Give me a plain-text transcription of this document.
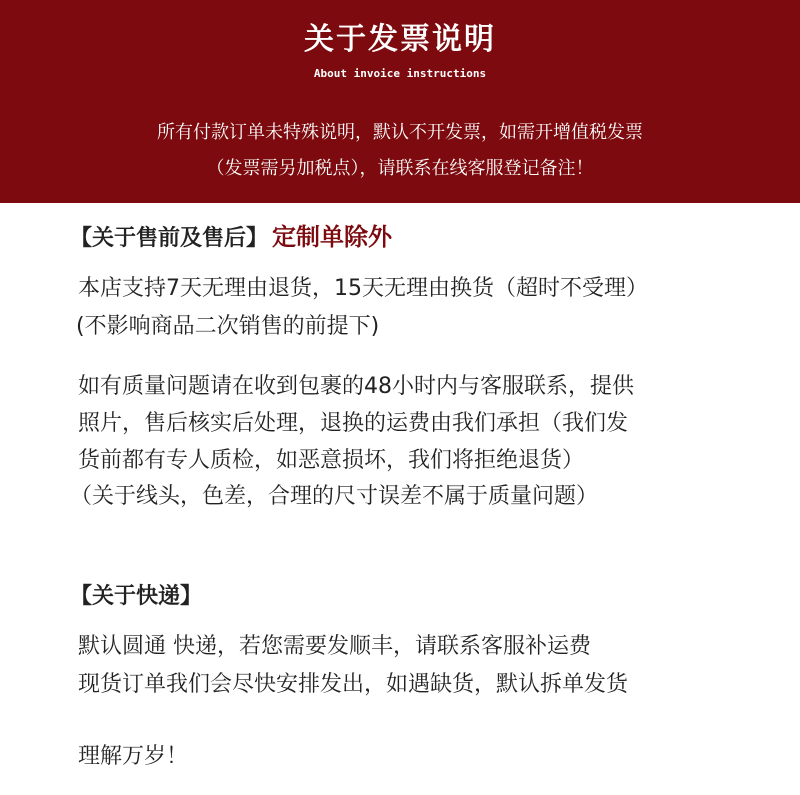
关于发票说明
About invoice instructions
所有付款订单未特殊说明，默认不开发票，如需开增值税发票
（发票需另加税点），请联系在线客服登记备注！
【关于售前及售后】 定制单除外
本店支持7天无理由退货，15天无理由换货（超时不受理）
(不影响商品二次销售的前提下)
如有质量问题请在收到包裹的48小时内与客服联系，提供
照片，售后核实后处理，退换的运费由我们承担（我们发
货前都有专人质检，如恶意损坏，我们将拒绝退货）
（关于线头，色差，合理的尺寸误差不属于质量问题）
【关于快递】
默认圆通 快递，若您需要发顺丰，请联系客服补运费
现货订单我们会尽快安排发出，如遇缺货，默认拆单发货
理解万岁！
